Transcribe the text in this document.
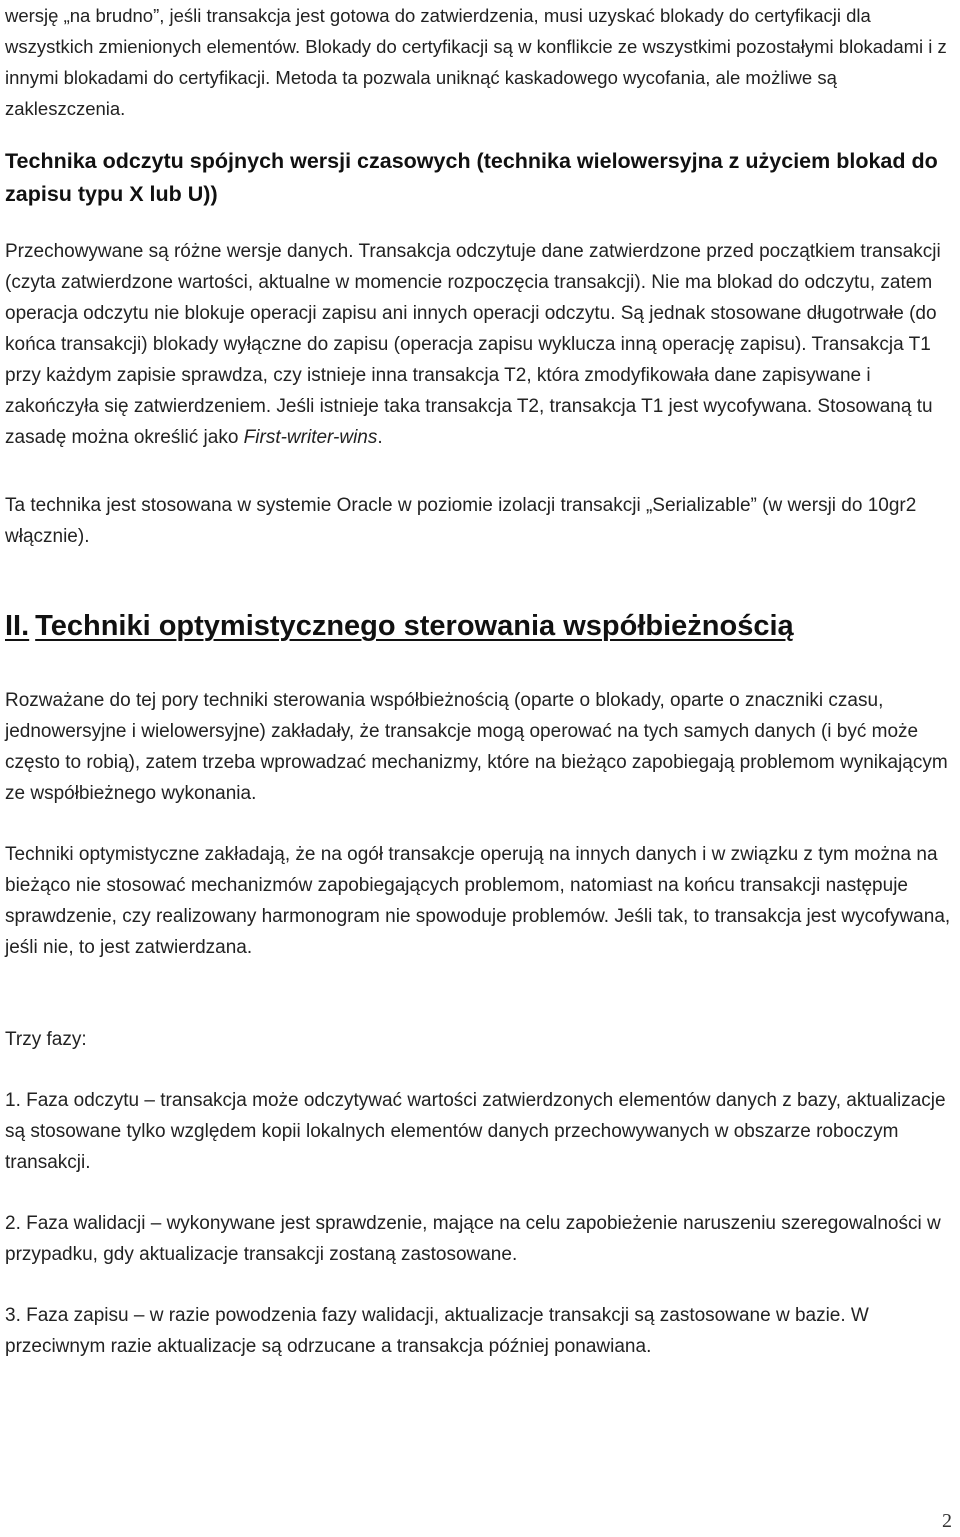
wersję „na brudno”, jeśli transakcja jest gotowa do zatwierdzenia, musi uzyskać blokady do certyfikacji dla wszystkich zmienionych elementów. Blokady do certyfikacji są w konflikcie ze wszystkimi pozostałymi blokadami i z innymi blokadami do certyfikacji. Metoda ta pozwala uniknąć kaskadowego wycofania, ale możliwe są zakleszczenia.

Technika odczytu spójnych wersji czasowych (technika wielowersyjna z użyciem blokad do zapisu typu X lub U))

Przechowywane są różne wersje danych. Transakcja odczytuje dane zatwierdzone przed początkiem transakcji (czyta zatwierdzone wartości, aktualne w momencie rozpoczęcia transakcji). Nie ma blokad do odczytu, zatem operacja odczytu nie blokuje operacji zapisu ani innych operacji odczytu. Są jednak stosowane długotrwałe (do końca transakcji) blokady wyłączne do zapisu (operacja zapisu wyklucza inną operację zapisu). Transakcja T1 przy każdym zapisie sprawdza, czy istnieje inna transakcja T2, która zmodyfikowała dane zapisywane i zakończyła się zatwierdzeniem. Jeśli istnieje taka transakcja T2, transakcja T1 jest wycofywana. Stosowaną tu zasadę można określić jako First-writer-wins.

Ta technika jest stosowana w systemie Oracle w poziomie izolacji transakcji „Serializable” (w wersji do 10gr2 włącznie).

II. Techniki optymistycznego sterowania współbieżnością

Rozważane do tej pory techniki sterowania współbieżnością (oparte o blokady, oparte o znaczniki czasu, jednowersyjne i wielowersyjne) zakładały, że transakcje mogą operować na tych samych danych (i być może często to robią), zatem trzeba wprowadzać mechanizmy, które na bieżąco zapobiegają problemom wynikającym ze współbieżnego wykonania.

Techniki optymistyczne zakładają, że na ogół transakcje operują na innych danych i w związku z tym można na bieżąco nie stosować mechanizmów zapobiegających problemom, natomiast na końcu transakcji następuje sprawdzenie, czy realizowany harmonogram nie spowoduje problemów. Jeśli tak, to transakcja jest wycofywana, jeśli nie, to jest zatwierdzana.

Trzy fazy:

1. Faza odczytu – transakcja może odczytywać wartości zatwierdzonych elementów danych z bazy, aktualizacje są stosowane tylko względem kopii lokalnych elementów danych przechowywanych w obszarze roboczym transakcji.

2. Faza walidacji – wykonywane jest sprawdzenie, mające na celu zapobieżenie naruszeniu szeregowalności w przypadku, gdy aktualizacje transakcji zostaną zastosowane.

3. Faza zapisu – w razie powodzenia fazy walidacji, aktualizacje transakcji są zastosowane w bazie. W przeciwnym razie aktualizacje są odrzucane a transakcja później ponawiana.

2
